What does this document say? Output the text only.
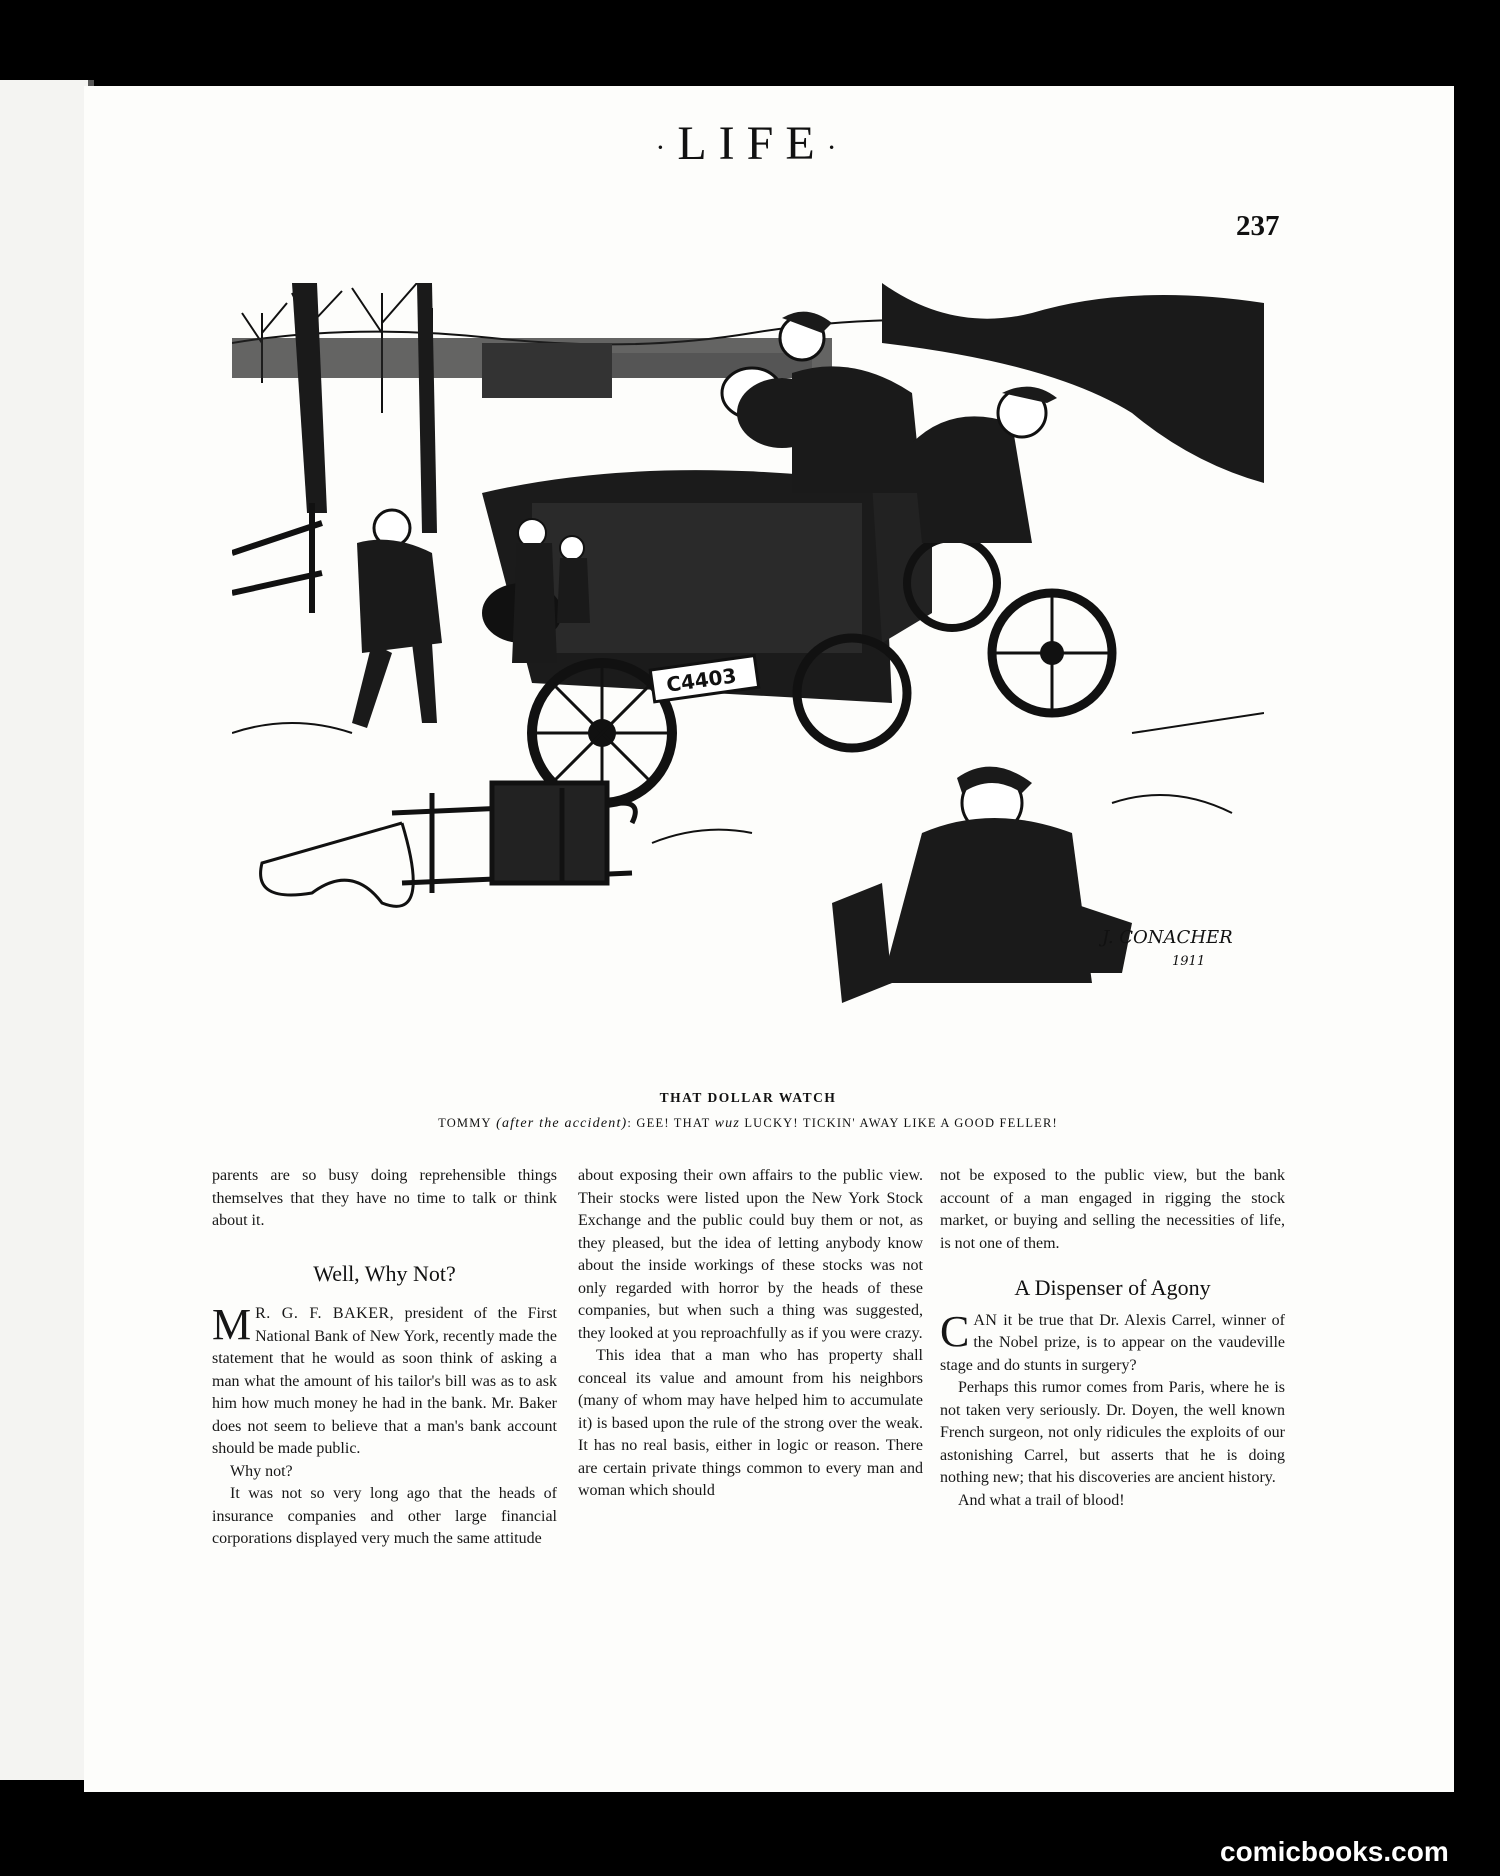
·LIFE·
237
C4403
J. CONACHER
1911
THAT DOLLAR WATCH
TOMMY (after the accident): GEE! THAT wuz LUCKY! TICKIN' AWAY LIKE A GOOD FELLER!

parents are so busy doing reprehensible things themselves that they have no time to talk or think about it.

Well, Why Not?

M R. G. F. BAKER, president of the First National Bank of New York, recently made the statement that he would as soon think of asking a man what the amount of his tailor's bill was as to ask him how much money he had in the bank. Mr. Baker does not seem to believe that a man's bank account should be made public.

Why not?

It was not so very long ago that the heads of insurance companies and other large financial corporations displayed very much the same attitude

about exposing their own affairs to the public view. Their stocks were listed upon the New York Stock Exchange and the public could buy them or not, as they pleased, but the idea of letting anybody know about the inside workings of these stocks was not only regarded with horror by the heads of these companies, but when such a thing was suggested, they looked at you reproachfully as if you were crazy.

This idea that a man who has property shall conceal its value and amount from his neighbors (many of whom may have helped him to accumulate it) is based upon the rule of the strong over the weak. It has no real basis, either in logic or reason. There are certain private things common to every man and woman which should

not be exposed to the public view, but the bank account of a man engaged in rigging the stock market, or buying and selling the necessities of life, is not one of them.

A Dispenser of Agony

CAN it be true that Dr. Alexis Carrel, winner of the Nobel prize, is to appear on the vaudeville stage and do stunts in surgery?

Perhaps this rumor comes from Paris, where he is not taken very seriously. Dr. Doyen, the well known French surgeon, not only ridicules the exploits of our astonishing Carrel, but asserts that he is doing nothing new; that his discoveries are ancient history.

And what a trail of blood!

comicbooks.com
